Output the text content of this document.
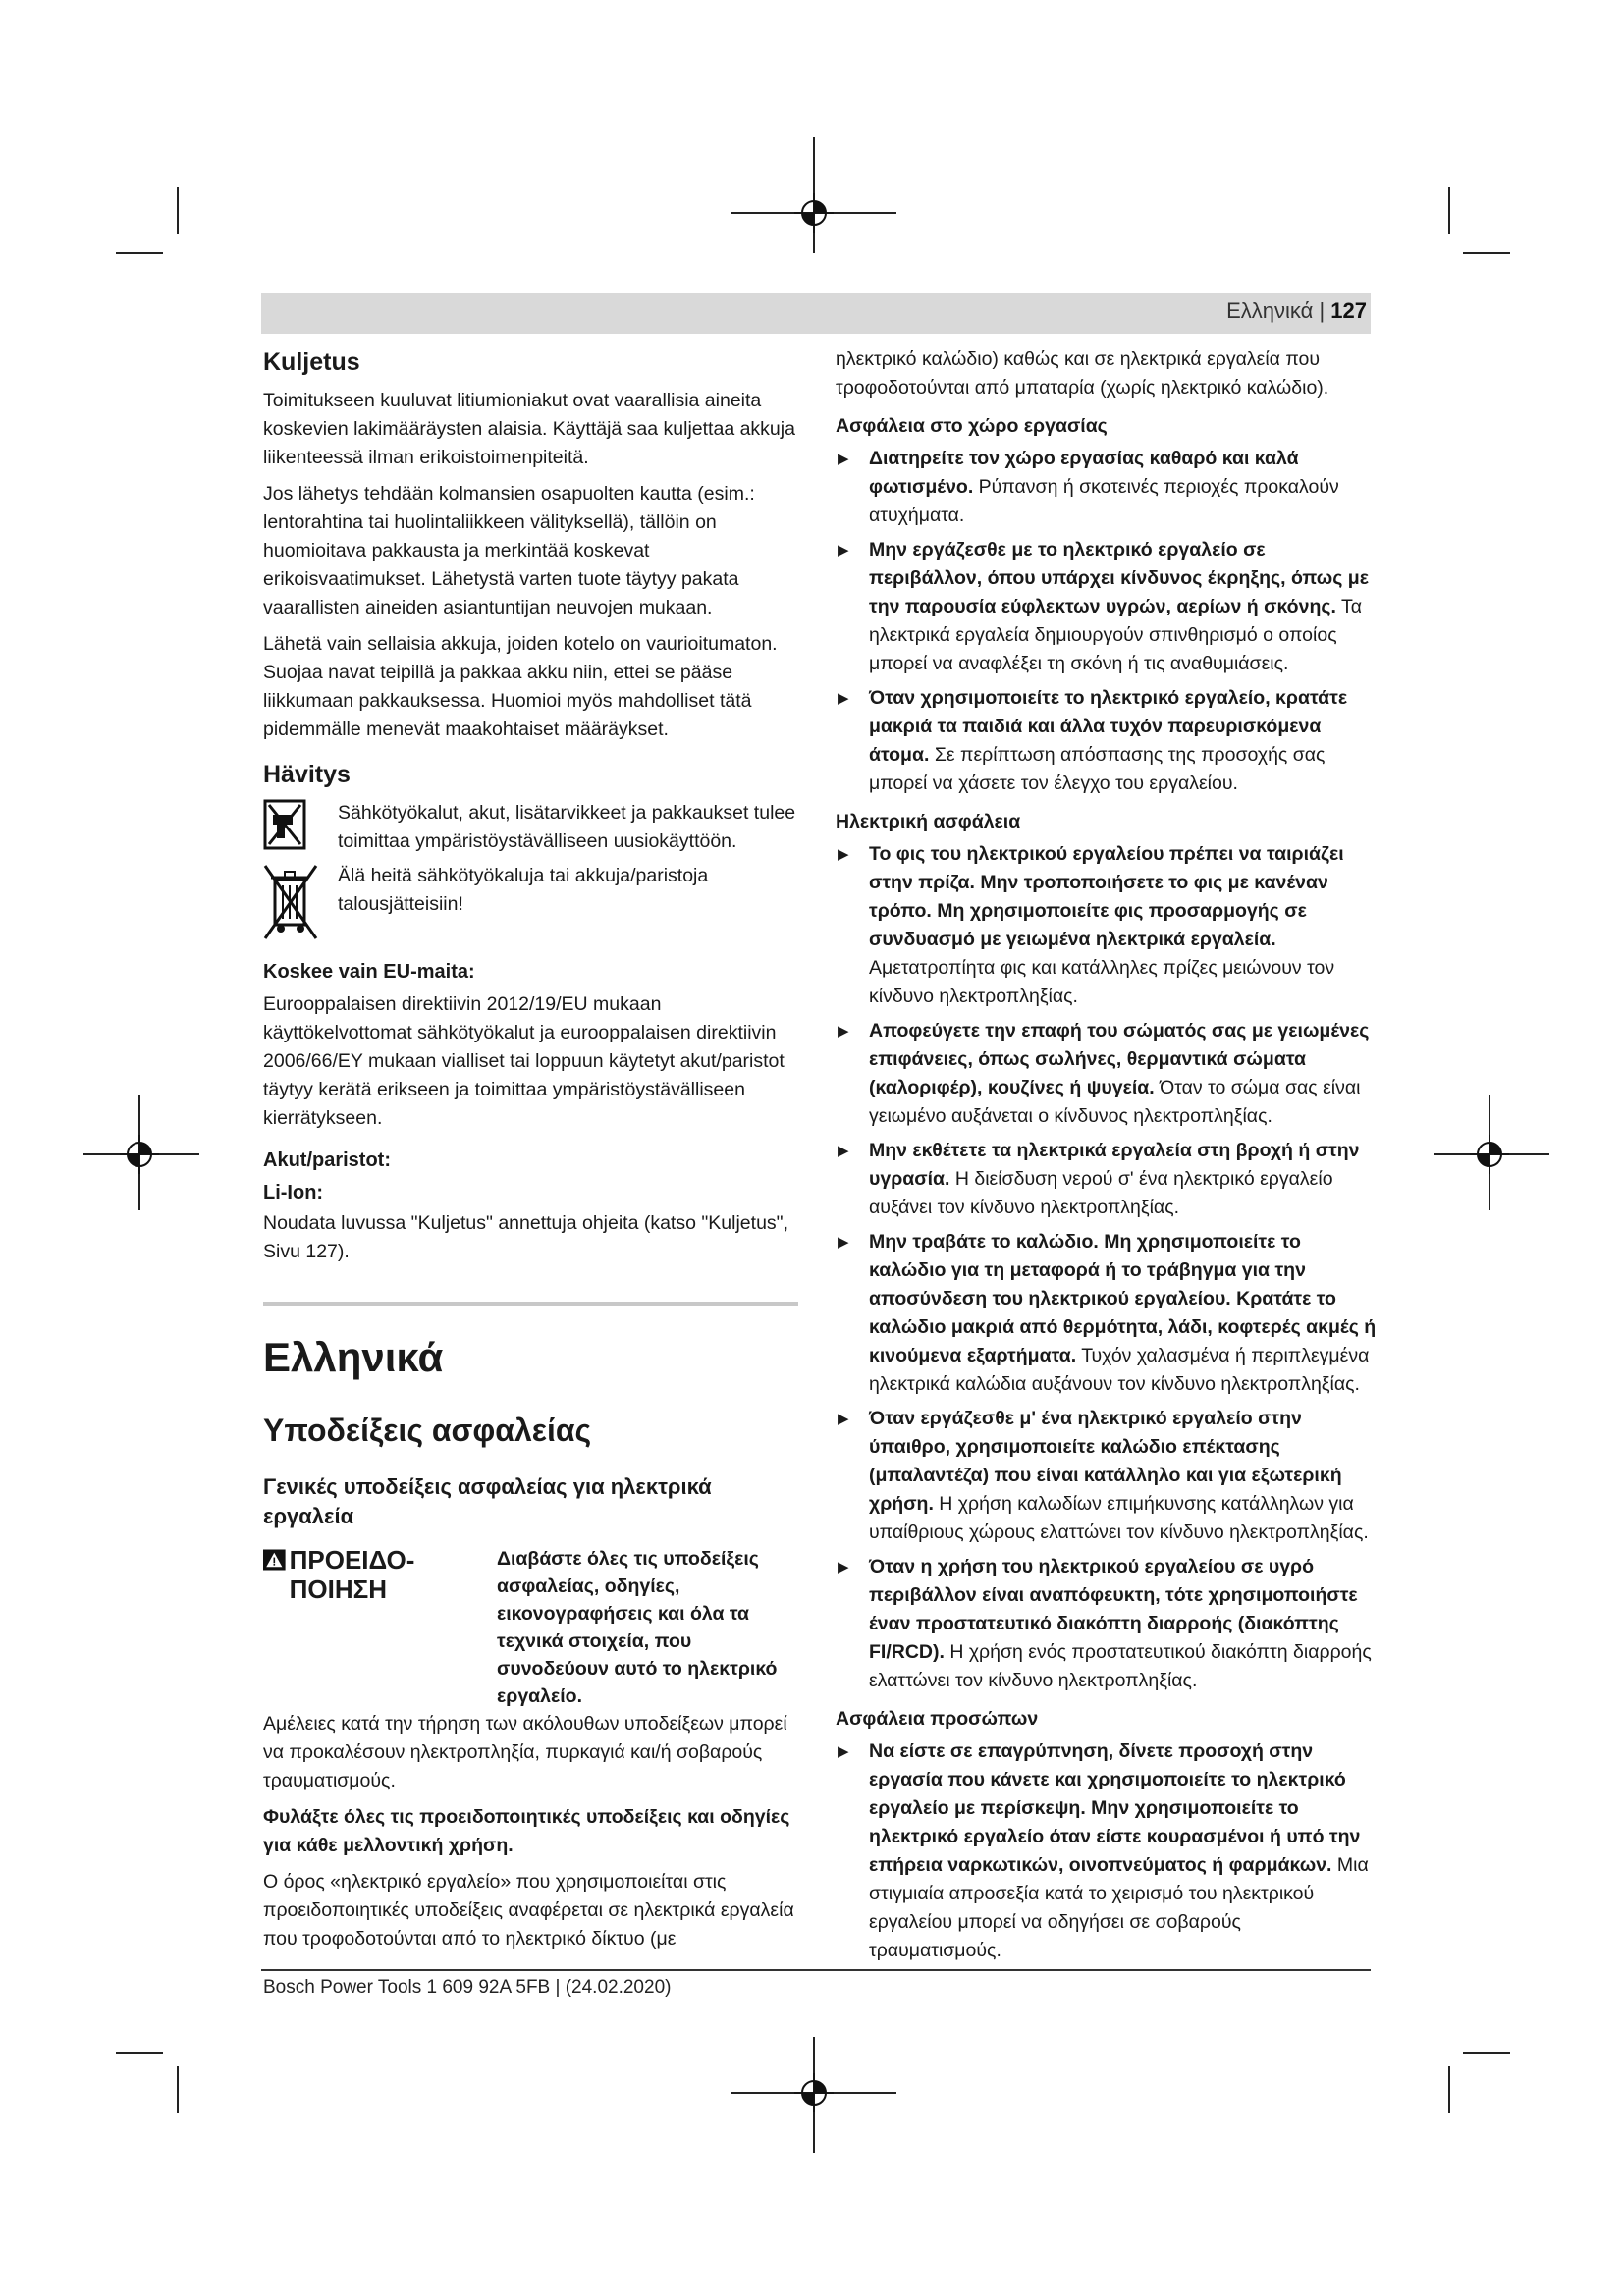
Ελληνικά | 127
Kuljetus

Toimitukseen kuuluvat litiumioniakut ovat vaarallisia aineita koskevien lakimääräysten alaisia. Käyttäjä saa kuljettaa akkuja liikenteessä ilman erikoistoimenpiteitä.

Jos lähetys tehdään kolmansien osapuolten kautta (esim.: lentorahtina tai huolintaliikkeen välityksellä), tällöin on huomioitava pakkausta ja merkintää koskevat erikoisvaatimukset. Lähetystä varten tuote täytyy pakata vaarallisten aineiden asiantuntijan neuvojen mukaan.

Lähetä vain sellaisia akkuja, joiden kotelo on vaurioitumaton. Suojaa navat teipillä ja pakkaa akku niin, ettei se pääse liikkumaan pakkauksessa. Huomioi myös mahdolliset tätä pidemmälle menevät maakohtaiset määräykset.

Hävitys
Sähkötyökalut, akut, lisätarvikkeet ja pakkaukset tulee toimittaa ympäristöystävälliseen uusiokäyttöön.
Älä heitä sähkötyökaluja tai akkuja/paristoja talousjätteisiin!
Koskee vain EU-maita:

Eurooppalaisen direktiivin 2012/19/EU mukaan käyttökelvottomat sähkötyökalut ja eurooppalaisen direktiivin 2006/66/EY mukaan vialliset tai loppuun käytetyt akut/paristot täytyy kerätä erikseen ja toimittaa ympäristöystävälliseen kierrätykseen.

Akut/paristot:
Li-Ion:

Noudata luvussa "Kuljetus" annettuja ohjeita (katso "Kuljetus", Sivu 127).

Ελληνικά
Υποδείξεις ασφαλείας
Γενικές υποδείξεις ασφαλείας για ηλεκτρικά εργαλεία
ΠΡΟΕΙΔΟ-ΠΟΙΗΣΗ
Διαβάστε όλες τις υποδείξεις ασφαλείας, οδηγίες, εικονογραφήσεις και όλα τα τεχνικά στοιχεία, που συνοδεύουν αυτό το ηλεκτρικό εργαλείο.

Αμέλειες κατά την τήρηση των ακόλουθων υποδείξεων μπορεί να προκαλέσουν ηλεκτροπληξία, πυρκαγιά και/ή σοβαρούς τραυματισμούς.

Φυλάξτε όλες τις προειδοποιητικές υποδείξεις και οδηγίες για κάθε μελλοντική χρήση.

Ο όρος «ηλεκτρικό εργαλείο» που χρησιμοποιείται στις προειδοποιητικές υποδείξεις αναφέρεται σε ηλεκτρικά εργαλεία που τροφοδοτούνται από το ηλεκτρικό δίκτυο (με

ηλεκτρικό καλώδιο) καθώς και σε ηλεκτρικά εργαλεία που τροφοδοτούνται από μπαταρία (χωρίς ηλεκτρικό καλώδιο).

Ασφάλεια στο χώρο εργασίας
▶	Διατηρείτε τον χώρο εργασίας καθαρό και καλά φωτισμένο. Ρύπανση ή σκοτεινές περιοχές προκαλούν ατυχήματα.
▶	Μην εργάζεσθε με το ηλεκτρικό εργαλείο σε περιβάλλον, όπου υπάρχει κίνδυνος έκρηξης, όπως με την παρουσία εύφλεκτων υγρών, αερίων ή σκόνης. Τα ηλεκτρικά εργαλεία δημιουργούν σπινθηρισμό ο οποίος μπορεί να αναφλέξει τη σκόνη ή τις αναθυμιάσεις.
▶	Όταν χρησιμοποιείτε το ηλεκτρικό εργαλείο, κρατάτε μακριά τα παιδιά και άλλα τυχόν παρευρισκόμενα άτομα. Σε περίπτωση απόσπασης της προσοχής σας μπορεί να χάσετε τον έλεγχο του εργαλείου.
Ηλεκτρική ασφάλεια
▶	Το φις του ηλεκτρικού εργαλείου πρέπει να ταιριάζει στην πρίζα. Μην τροποποιήσετε το φις με κανέναν τρόπο. Μη χρησιμοποιείτε φις προσαρμογής σε συνδυασμό με γειωμένα ηλεκτρικά εργαλεία. Αμετατροπίητα φις και κατάλληλες πρίζες μειώνουν τον κίνδυνο ηλεκτροπληξίας.
▶	Αποφεύγετε την επαφή του σώματός σας με γειωμένες επιφάνειες, όπως σωλήνες, θερμαντικά σώματα (καλοριφέρ), κουζίνες ή ψυγεία. Όταν το σώμα σας είναι γειωμένο αυξάνεται ο κίνδυνος ηλεκτροπληξίας.
▶	Μην εκθέτετε τα ηλεκτρικά εργαλεία στη βροχή ή στην υγρασία. Η διείσδυση νερού σ' ένα ηλεκτρικό εργαλείο αυξάνει τον κίνδυνο ηλεκτροπληξίας.
▶	Μην τραβάτε το καλώδιο. Μη χρησιμοποιείτε το καλώδιο για τη μεταφορά ή το τράβηγμα για την αποσύνδεση του ηλεκτρικού εργαλείου. Κρατάτε το καλώδιο μακριά από θερμότητα, λάδι, κοφτερές ακμές ή κινούμενα εξαρτήματα. Τυχόν χαλασμένα ή περιπλεγμένα ηλεκτρικά καλώδια αυξάνουν τον κίνδυνο ηλεκτροπληξίας.
▶	Όταν εργάζεσθε μ' ένα ηλεκτρικό εργαλείο στην ύπαιθρο, χρησιμοποιείτε καλώδιο επέκτασης (μπαλαντέζα) που είναι κατάλληλο και για εξωτερική χρήση. Η χρήση καλωδίων επιμήκυνσης κατάλληλων για υπαίθριους χώρους ελαττώνει τον κίνδυνο ηλεκτροπληξίας.
▶	Όταν η χρήση του ηλεκτρικού εργαλείου σε υγρό περιβάλλον είναι αναπόφευκτη, τότε χρησιμοποιήστε έναν προστατευτικό διακόπτη διαρροής (διακόπτης FI/RCD). Η χρήση ενός προστατευτικού διακόπτη διαρροής ελαττώνει τον κίνδυνο ηλεκτροπληξίας.
Ασφάλεια προσώπων
▶	Να είστε σε επαγρύπνηση, δίνετε προσοχή στην εργασία που κάνετε και χρησιμοποιείτε το ηλεκτρικό εργαλείο με περίσκεψη. Μην χρησιμοποιείτε το ηλεκτρικό εργαλείο όταν είστε κουρασμένοι ή υπό την επήρεια ναρκωτικών, οινοπνεύματος ή φαρμάκων. Μια στιγμιαία απροσεξία κατά το χειρισμό του ηλεκτρικού εργαλείου μπορεί να οδηγήσει σε σοβαρούς τραυματισμούς.
Bosch Power Tools 1 609 92A 5FB | (24.02.2020)
